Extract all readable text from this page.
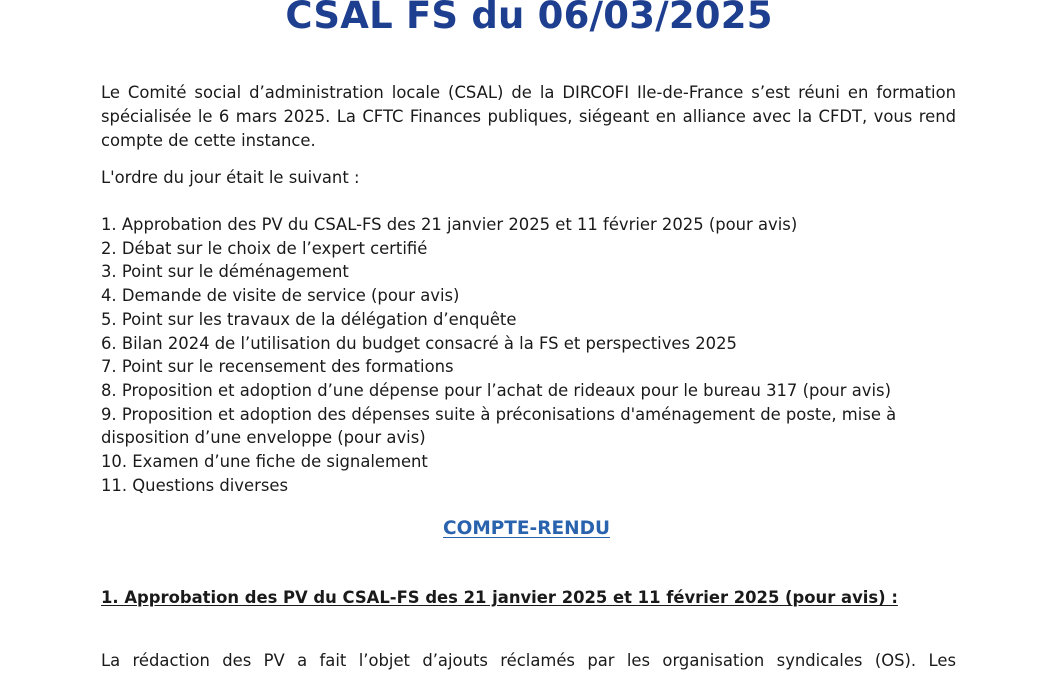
CSAL FS du 06/03/2025
Le Comité social d’administration locale (CSAL) de la DIRCOFI Ile-de-France s’est réuni en formation spécialisée le 6 mars 2025. La CFTC Finances publiques, siégeant en alliance avec la CFDT, vous rend compte de cette instance.
L'ordre du jour était le suivant :
1. Approbation des PV du CSAL-FS des 21 janvier 2025 et 11 février 2025 (pour avis)
2. Débat sur le choix de l’expert certifié
3. Point sur le déménagement
4. Demande de visite de service (pour avis)
5. Point sur les travaux de la délégation d’enquête
6. Bilan 2024 de l’utilisation du budget consacré à la FS et perspectives 2025
7. Point sur le recensement des formations
8. Proposition et adoption d’une dépense pour l’achat de rideaux pour le bureau 317 (pour avis)
9. Proposition et adoption des dépenses suite à préconisations d'aménagement de poste, mise à disposition d’une enveloppe (pour avis)
10. Examen d’une fiche de signalement
11. Questions diverses
COMPTE-RENDU
1. Approbation des PV du CSAL-FS des 21 janvier 2025 et 11 février 2025 (pour avis) :
La rédaction des PV a fait l’objet d’ajouts réclamés par les organisation syndicales (OS). Les
